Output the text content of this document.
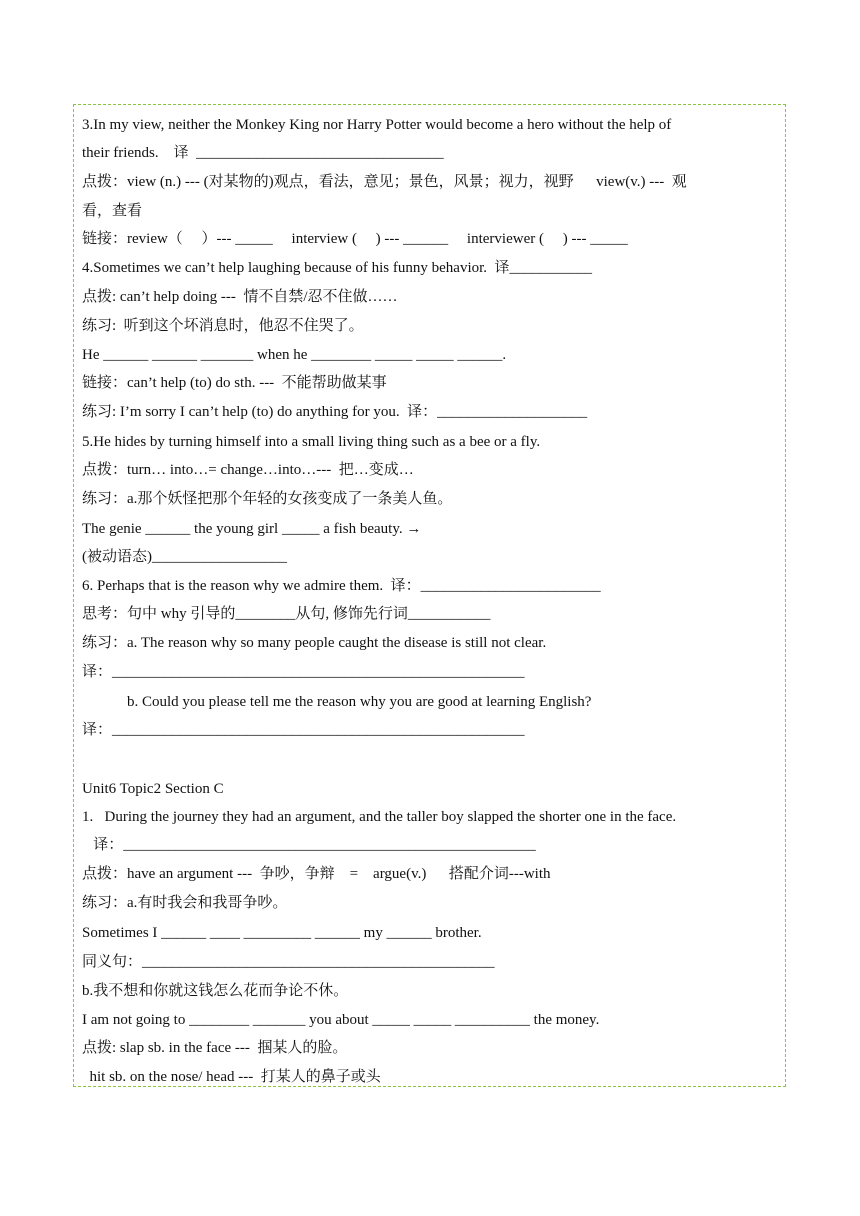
3.In my view, neither the Monkey King nor Harry Potter would become a hero without the help of
their friends.    译  _________________________________
点拨：view (n.) --- (对某物的)观点，看法，意见；景色，风景；视力，视野      view(v.) ---  观
看，查看
链接：review（     ）--- _____     interview (     ) --- ______     interviewer (     ) --- _____
4.Sometimes we can’t help laughing because of his funny behavior.  译___________
点拨: can’t help doing ---  情不自禁/忍不住做……
练习:  听到这个坏消息时，他忍不住哭了。
He ______ ______ _______ when he ________ _____ _____ ______.
链接：can’t help (to) do sth. ---  不能帮助做某事
练习: I’m sorry I can’t help (to) do anything for you.  译：____________________
5.He hides by turning himself into a small living thing such as a bee or a fly.
点拨：turn… into…= change…into…---  把…变成…
练习：a.那个妖怪把那个年轻的女孩变成了一条美人鱼。
The genie ______ the young girl _____ a fish beauty. →
(被动语态)__________________
6. Perhaps that is the reason why we admire them.  译：________________________
思考：句中 why 引导的________从句, 修饰先行词___________
练习：a. The reason why so many people caught the disease is still not clear.
译：_______________________________________________________
b. Could you please tell me the reason why you are good at learning English?
译：_______________________________________________________
Unit6 Topic2 Section C
1.   During the journey they had an argument, and the taller boy slapped the shorter one in the face.
译：_______________________________________________________
点拨：have an argument ---  争吵，争辩    =    argue(v.)      搭配介词---with
练习：a.有时我会和我哥争吵。
Sometimes I ______ ____ _________ ______ my ______ brother.
同义句：_______________________________________________
b.我不想和你就这钱怎么花而争论不休。
I am not going to ________ _______ you about _____ _____ __________ the money.
点拨: slap sb. in the face ---  掴某人的脸。
hit sb. on the nose/ head ---  打某人的鼻子或头
